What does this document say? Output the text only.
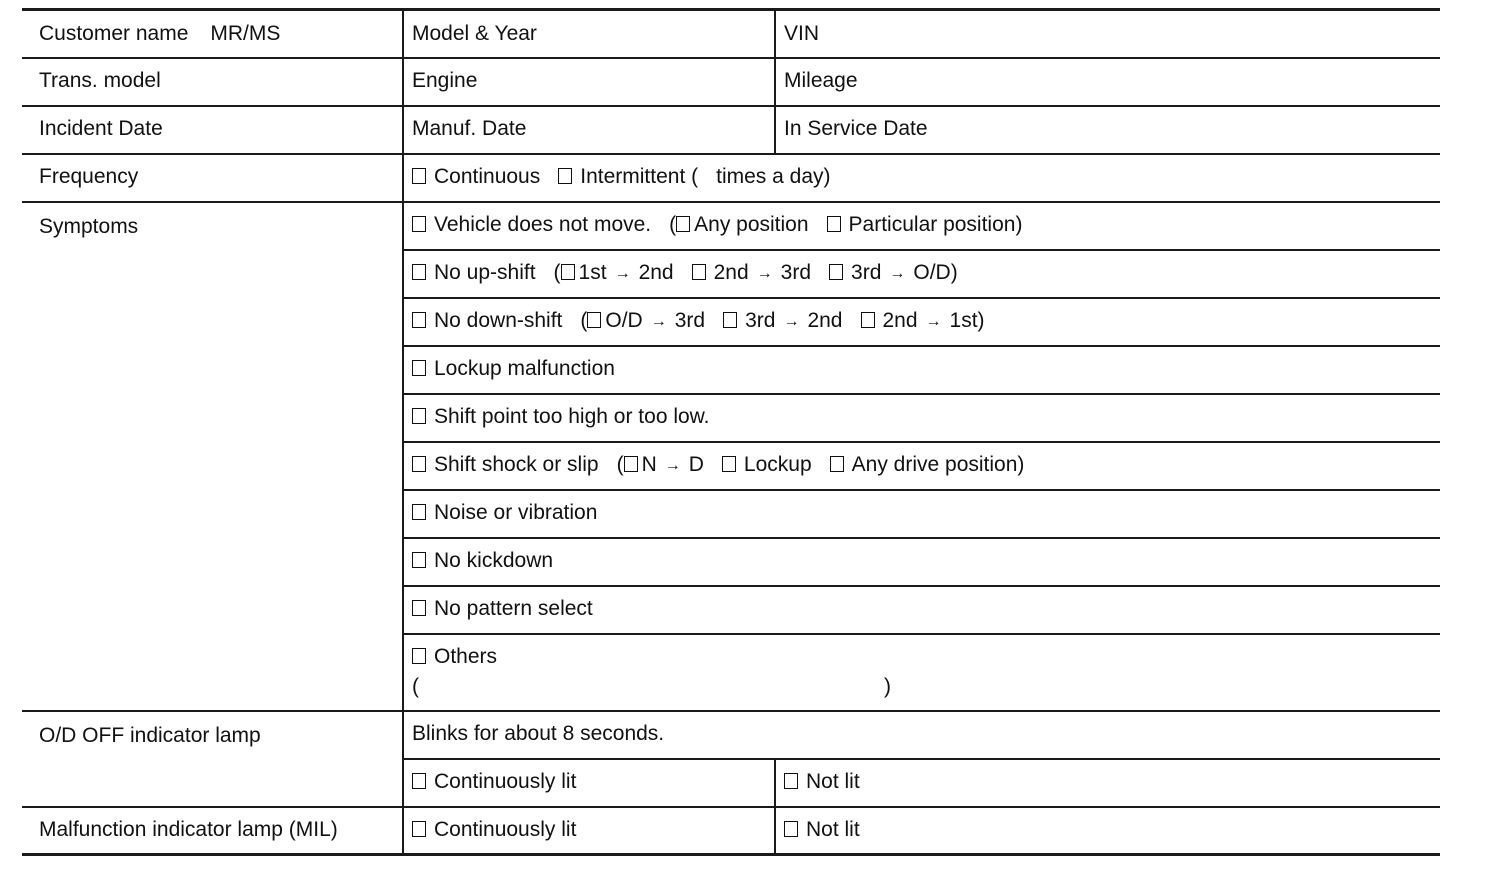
Customer name MR/MS	Model & Year	VIN
Trans. model	Engine	Mileage
Incident Date	Manuf. Date	In Service Date
Frequency	Continuous Intermittent ( times a day)	
Symptoms	Vehicle does not move. ( Any position Particular position)	
	No up-shift ( 1st → 2nd 2nd → 3rd 3rd → O/D)	
	No down-shift ( O/D → 3rd 3rd → 2nd 2nd → 1st)	
	Lockup malfunction	
	Shift point too high or too low.	
	Shift shock or slip ( N → D Lockup Any drive position)	
	Noise or vibration	
	No kickdown	
	No pattern select	

	Others
( )	

O/D OFF indicator lamp	Blinks for about 8 seconds.	
	Continuously lit	Not lit
Malfunction indicator lamp (MIL)	Continuously lit	Not lit
